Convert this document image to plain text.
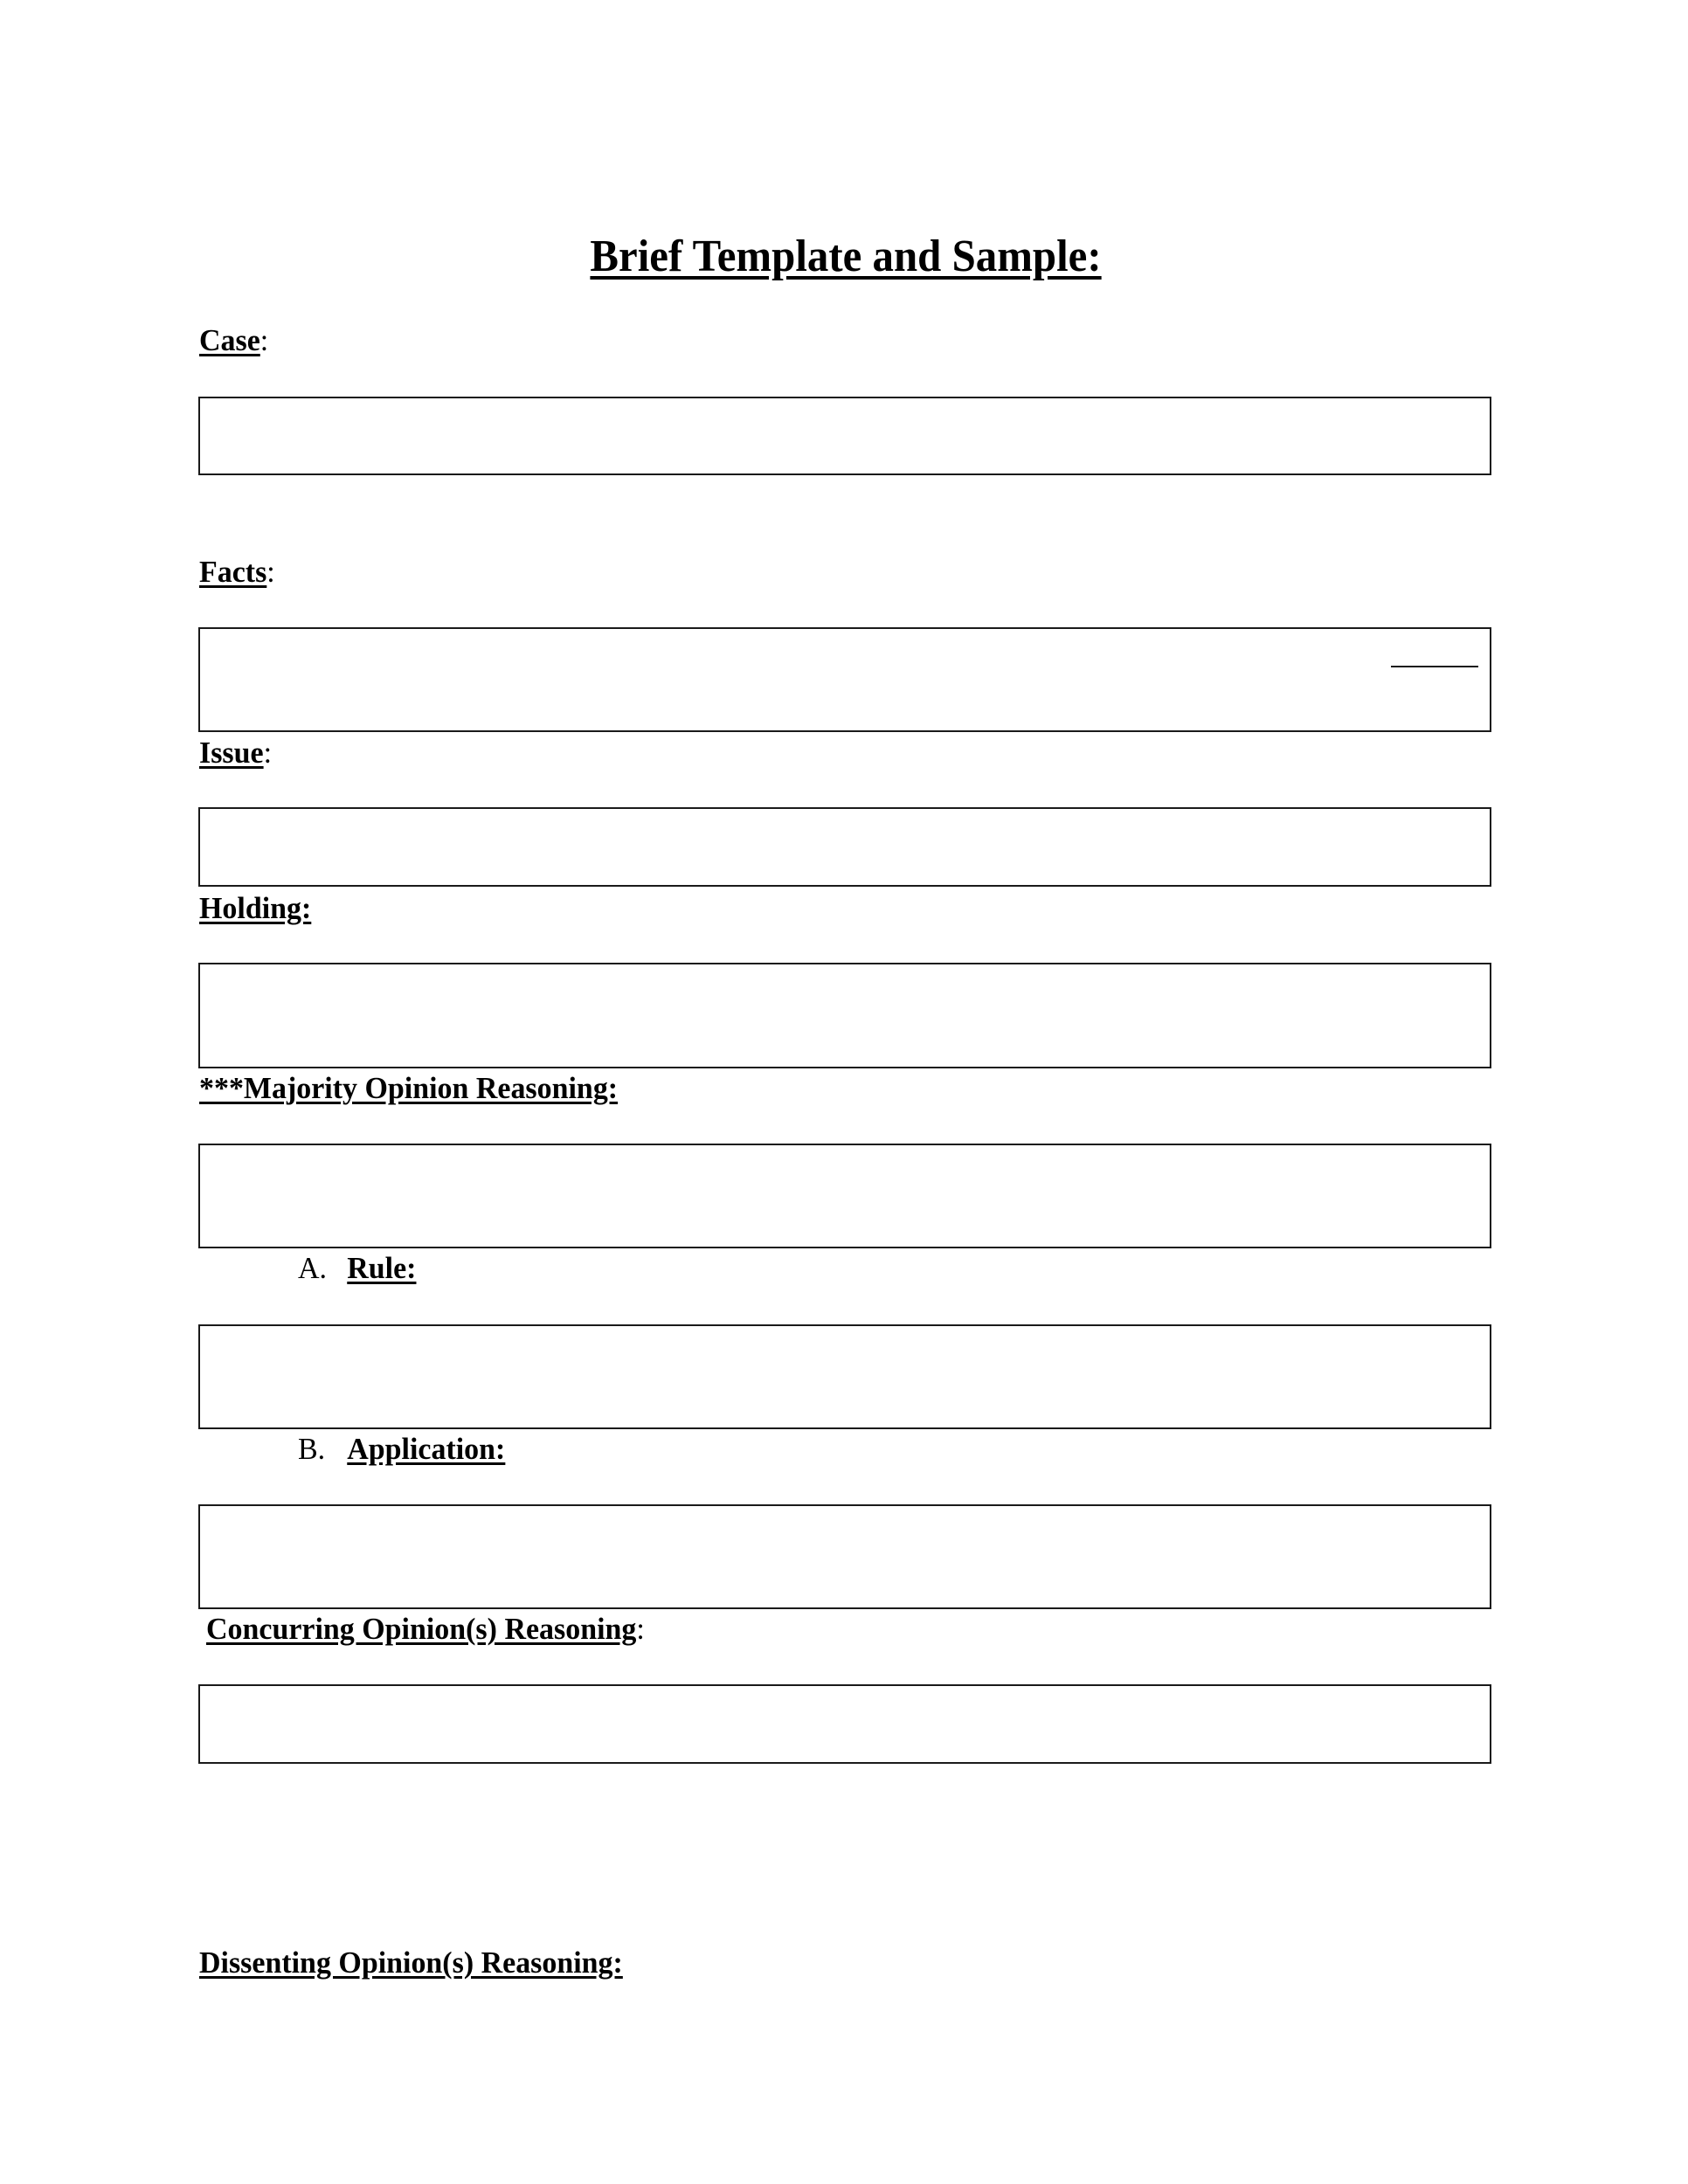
Brief Template and Sample:
Case:
Facts:
Issue:
Holding:
***Majority Opinion Reasoning:
A. Rule:
B. Application:
Concurring Opinion(s) Reasoning:
Dissenting Opinion(s) Reasoning:
